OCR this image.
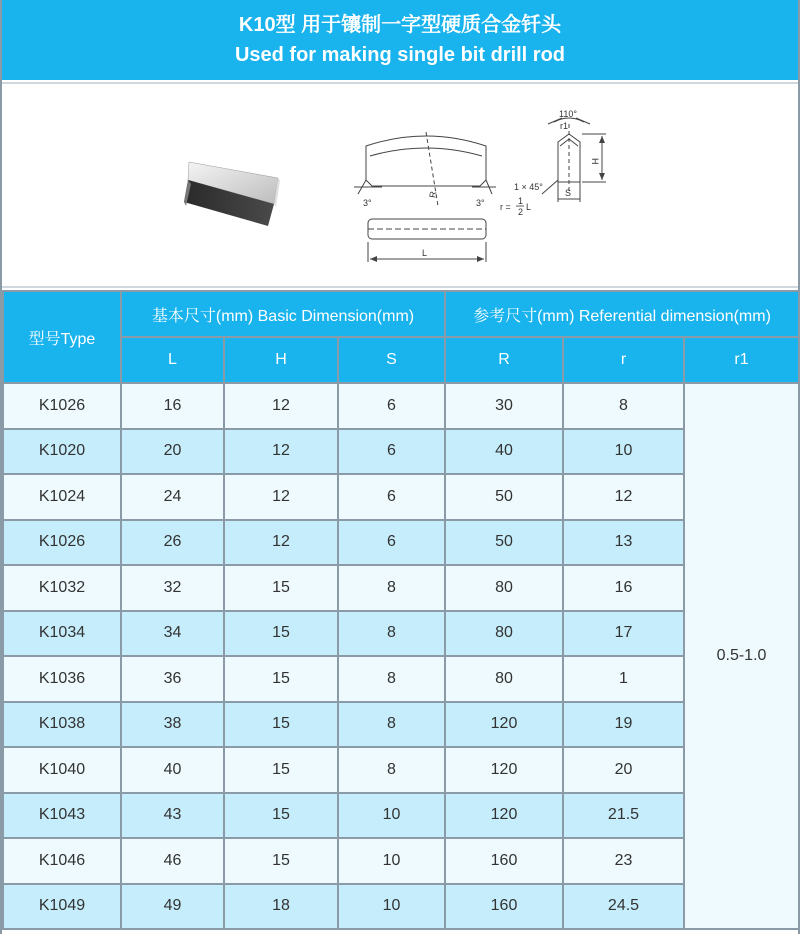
K10型 用于镶制一字型硬质合金钎头
Used for making single bit drill rod
110°
r1
H
3°	3°
R
1 × 45°
r =
1
2 L
S
L
型号Type	基本尺寸(mm) Basic Dimension(mm)			参考尺寸(mm) Referential dimension(mm)		
	L	H	S	R	r	r1
K1026	16	12	6	30	8	0.5-1.0
K1020	20	12	6	40	10	
K1024	24	12	6	50	12	
K1026	26	12	6	50	13	
K1032	32	15	8	80	16	
K1034	34	15	8	80	17	
K1036	36	15	8	80	1	
K1038	38	15	8	120	19	
K1040	40	15	8	120	20	
K1043	43	15	10	120	21.5	
K1046	46	15	10	160	23	
K1049	49	18	10	160	24.5	
